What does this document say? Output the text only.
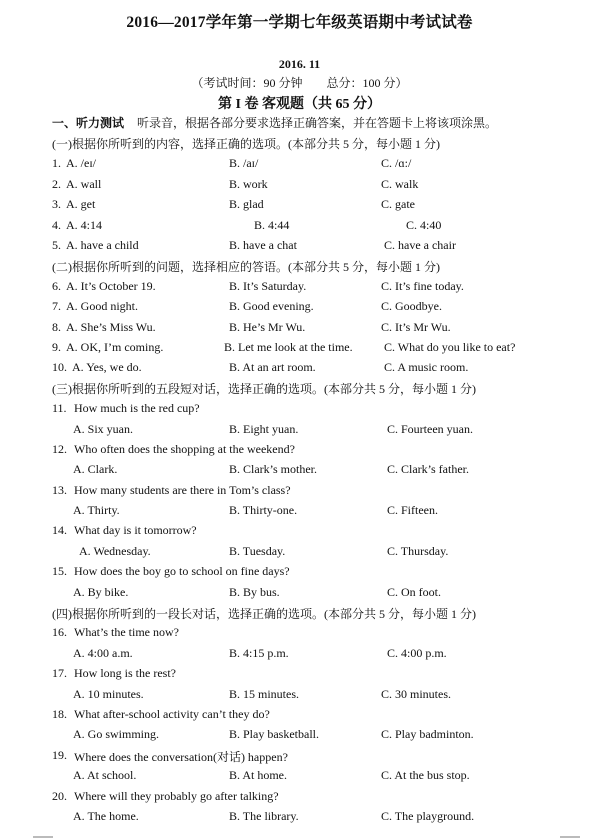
2016—2017学年第一学期七年级英语期中考试试卷
2016. 11
（考试时间：90 分钟　　总分：100 分）
第 I 卷 客观题（共 65 分）
一、听力测试 听录音，根据各部分要求选择正确答案，并在答题卡上将该项涂黑。
(一)根据你所听到的内容，选择正确的选项。(本部分共 5 分，每小题 1 分)
1. A. /eɪ/	B. /aɪ/	C. /ɑ:/
2. A. wall	B. work	C. walk
3. A. get	B. glad	C. gate
4. A. 4:14	B. 4:44	C. 4:40
5. A. have a child	B. have a chat	C. have a chair
(二)根据你所听到的问题，选择相应的答语。(本部分共 5 分，每小题 1 分)
6. A. It’s October 19.	B. It’s Saturday.	C. It’s fine today.
7. A. Good night.	B. Good evening.	C. Goodbye.
8. A. She’s Miss Wu.	B. He’s Mr Wu.	C. It’s Mr Wu.
9. A. OK, I’m coming.	B. Let me look at the time.	C. What do you like to eat?
10. A. Yes, we do.	B. At an art room.	C. A music room.
(三)根据你所听到的五段短对话，选择正确的选项。(本部分共 5 分，每小题 1 分)
11. How much is the red cup?
A. Six yuan.	B. Eight yuan.	C. Fourteen yuan.
12. Who often does the shopping at the weekend?
A. Clark.	B. Clark’s mother.	C. Clark’s father.
13. How many students are there in Tom’s class?
A. Thirty.	B. Thirty-one.	C. Fifteen.
14. What day is it tomorrow?
A. Wednesday.	B. Tuesday.	C. Thursday.
15. How does the boy go to school on fine days?
A. By bike.	B. By bus.	C. On foot.
(四)根据你所听到的一段长对话，选择正确的选项。(本部分共 5 分，每小题 1 分)
16. What’s the time now?
A. 4:00 a.m.	B. 4:15 p.m.	C. 4:00 p.m.
17. How long is the rest?
A. 10 minutes.	B. 15 minutes.	C. 30 minutes.
18. What after-school activity can’t they do?
A. Go swimming.	B. Play basketball.	C. Play badminton.
19. Where does the conversation(对话) happen?
A. At school.	B. At home.	C. At the bus stop.
20. Where will they probably go after talking?
A. The home.	B. The library.	C. The playground.
